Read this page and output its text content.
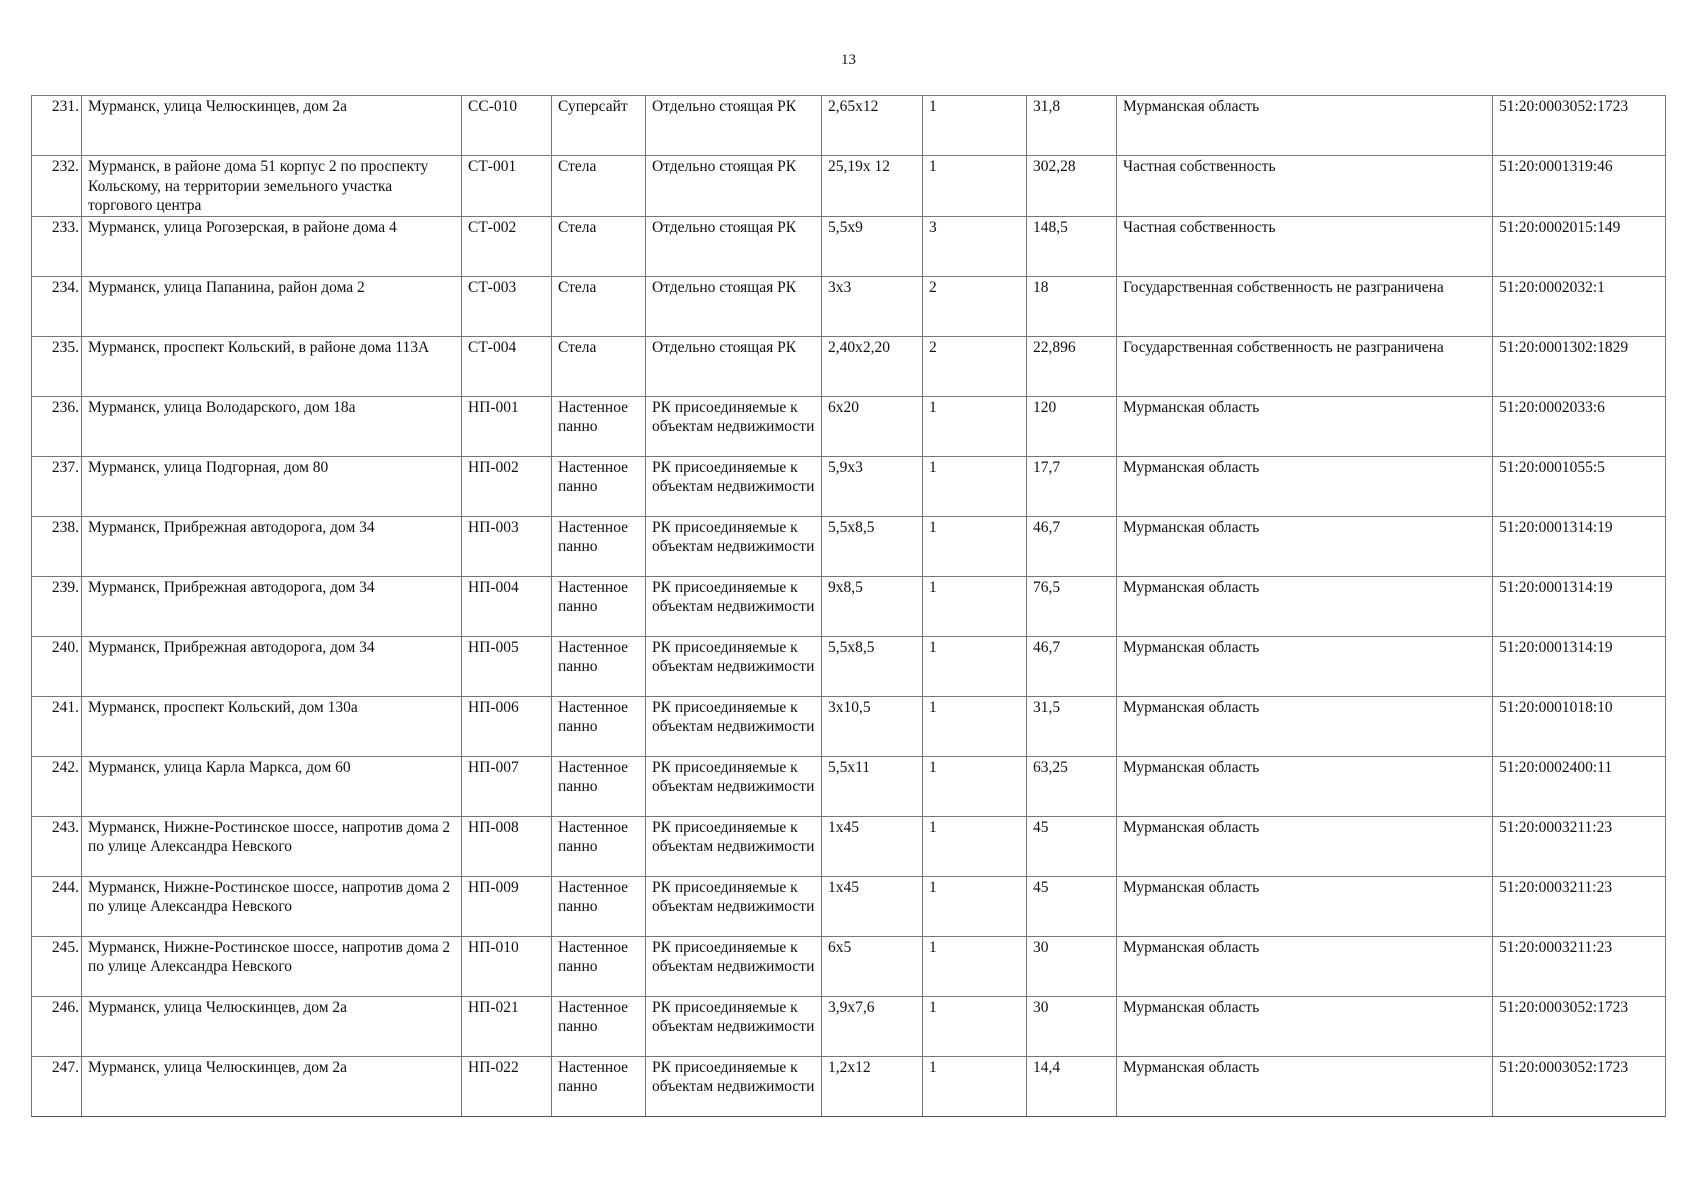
13
231.	Мурманск, улица Челюскинцев, дом 2а	СС-010	Суперсайт	Отдельно стоящая РК	2,65х12	1	31,8	Мурманская область	51:20:0003052:1723
232.	Мурманск, в районе дома 51 корпус 2 по проспекту Кольскому, на территории земельного участка торгового центра	СТ-001	Стела	Отдельно стоящая РК	25,19х 12	1	302,28	Частная собственность	51:20:0001319:46
233.	Мурманск, улица Рогозерская, в районе дома 4	СТ-002	Стела	Отдельно стоящая РК	5,5х9	3	148,5	Частная собственность	51:20:0002015:149
234.	Мурманск, улица Папанина, район дома 2	СТ-003	Стела	Отдельно стоящая РК	3х3	2	18	Государственная собственность не разграничена	51:20:0002032:1
235.	Мурманск, проспект Кольский, в районе дома 113А	СТ-004	Стела	Отдельно стоящая РК	2,40х2,20	2	22,896	Государственная собственность не разграничена	51:20:0001302:1829
236.	Мурманск, улица Володарского, дом 18а	НП-001	Настенное панно	РК присоединяемые к объектам недвижимости	6х20	1	120	Мурманская область	51:20:0002033:6
237.	Мурманск, улица Подгорная, дом 80	НП-002	Настенное панно	РК присоединяемые к объектам недвижимости	5,9х3	1	17,7	Мурманская область	51:20:0001055:5
238.	Мурманск, Прибрежная автодорога, дом 34	НП-003	Настенное панно	РК присоединяемые к объектам недвижимости	5,5х8,5	1	46,7	Мурманская область	51:20:0001314:19
239.	Мурманск, Прибрежная автодорога, дом 34	НП-004	Настенное панно	РК присоединяемые к объектам недвижимости	9х8,5	1	76,5	Мурманская область	51:20:0001314:19
240.	Мурманск, Прибрежная автодорога, дом 34	НП-005	Настенное панно	РК присоединяемые к объектам недвижимости	5,5х8,5	1	46,7	Мурманская область	51:20:0001314:19
241.	Мурманск, проспект Кольский, дом 130а	НП-006	Настенное панно	РК присоединяемые к объектам недвижимости	3х10,5	1	31,5	Мурманская область	51:20:0001018:10
242.	Мурманск, улица Карла Маркса, дом 60	НП-007	Настенное панно	РК присоединяемые к объектам недвижимости	5,5х11	1	63,25	Мурманская область	51:20:0002400:11
243.	Мурманск, Нижне-Ростинское шоссе, напротив дома 2 по улице Александра Невского	НП-008	Настенное панно	РК присоединяемые к объектам недвижимости	1х45	1	45	Мурманская область	51:20:0003211:23
244.	Мурманск, Нижне-Ростинское шоссе, напротив дома 2 по улице Александра Невского	НП-009	Настенное панно	РК присоединяемые к объектам недвижимости	1х45	1	45	Мурманская область	51:20:0003211:23
245.	Мурманск, Нижне-Ростинское шоссе, напротив дома 2 по улице Александра Невского	НП-010	Настенное панно	РК присоединяемые к объектам недвижимости	6х5	1	30	Мурманская область	51:20:0003211:23
246.	Мурманск, улица Челюскинцев, дом 2а	НП-021	Настенное панно	РК присоединяемые к объектам недвижимости	3,9х7,6	1	30	Мурманская область	51:20:0003052:1723
247.	Мурманск, улица Челюскинцев, дом 2а	НП-022	Настенное панно	РК присоединяемые к объектам недвижимости	1,2х12	1	14,4	Мурманская область	51:20:0003052:1723
